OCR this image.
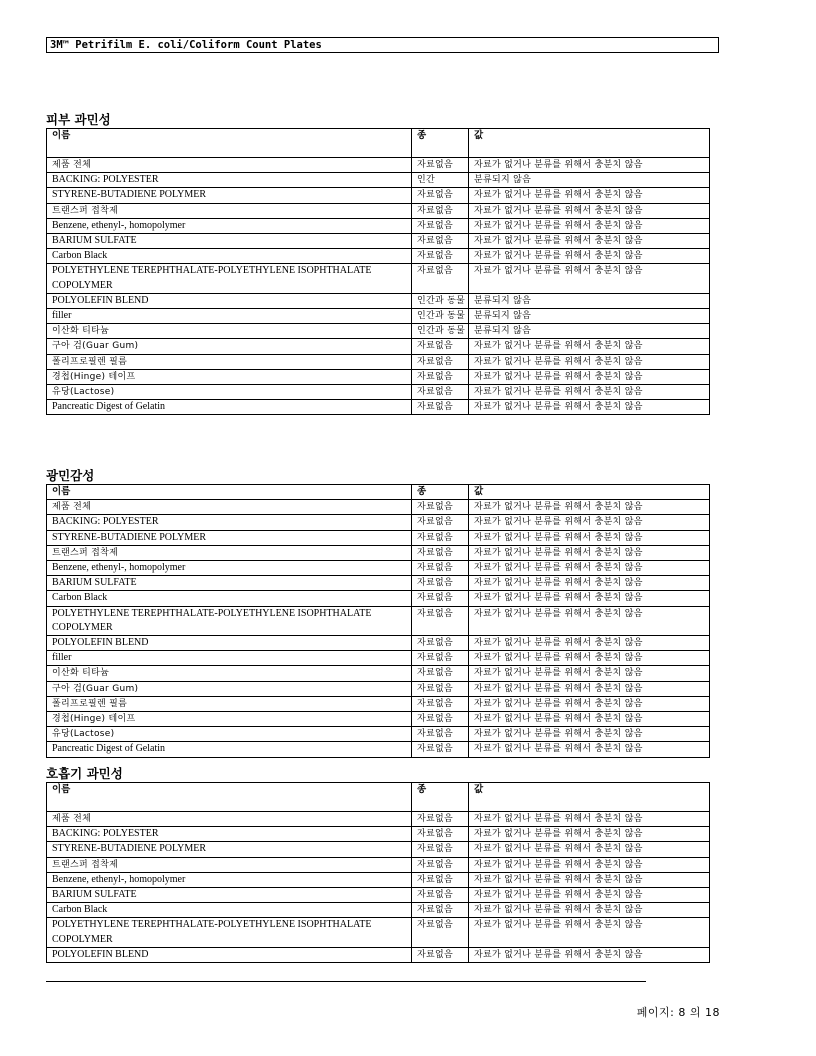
3M™ Petrifilm E. coli/Coliform Count Plates
피부 과민성
이름	종	값
제품 전체	자료없음	자료가 없거나 분류를 위해서 충분치 않음
BACKING: POLYESTER	인간	분류되지 않음
STYRENE-BUTADIENE POLYMER	자료없음	자료가 없거나 분류를 위해서 충분치 않음
트랜스퍼 접착제	자료없음	자료가 없거나 분류를 위해서 충분치 않음
Benzene, ethenyl-, homopolymer	자료없음	자료가 없거나 분류를 위해서 충분치 않음
BARIUM SULFATE	자료없음	자료가 없거나 분류를 위해서 충분치 않음
Carbon Black	자료없음	자료가 없거나 분류를 위해서 충분치 않음
POLYETHYLENE TEREPHTHALATE-POLYETHYLENE ISOPHTHALATE COPOLYMER	자료없음	자료가 없거나 분류를 위해서 충분치 않음
POLYOLEFIN BLEND	인간과 동물	분류되지 않음
filler	인간과 동물	분류되지 않음
이산화 티타늄	인간과 동물	분류되지 않음
구아 검(Guar Gum)	자료없음	자료가 없거나 분류를 위해서 충분치 않음
폴리프로필렌 필름	자료없음	자료가 없거나 분류를 위해서 충분치 않음
경첩(Hinge) 테이프	자료없음	자료가 없거나 분류를 위해서 충분치 않음
유당(Lactose)	자료없음	자료가 없거나 분류를 위해서 충분치 않음
Pancreatic Digest of Gelatin	자료없음	자료가 없거나 분류를 위해서 충분치 않음
광민감성
이름	종	값
제품 전체	자료없음	자료가 없거나 분류를 위해서 충분치 않음
BACKING: POLYESTER	자료없음	자료가 없거나 분류를 위해서 충분치 않음
STYRENE-BUTADIENE POLYMER	자료없음	자료가 없거나 분류를 위해서 충분치 않음
트랜스퍼 접착제	자료없음	자료가 없거나 분류를 위해서 충분치 않음
Benzene, ethenyl-, homopolymer	자료없음	자료가 없거나 분류를 위해서 충분치 않음
BARIUM SULFATE	자료없음	자료가 없거나 분류를 위해서 충분치 않음
Carbon Black	자료없음	자료가 없거나 분류를 위해서 충분치 않음
POLYETHYLENE TEREPHTHALATE-POLYETHYLENE ISOPHTHALATE COPOLYMER	자료없음	자료가 없거나 분류를 위해서 충분치 않음
POLYOLEFIN BLEND	자료없음	자료가 없거나 분류를 위해서 충분치 않음
filler	자료없음	자료가 없거나 분류를 위해서 충분치 않음
이산화 티타늄	자료없음	자료가 없거나 분류를 위해서 충분치 않음
구아 검(Guar Gum)	자료없음	자료가 없거나 분류를 위해서 충분치 않음
폴리프로필렌 필름	자료없음	자료가 없거나 분류를 위해서 충분치 않음
경첩(Hinge) 테이프	자료없음	자료가 없거나 분류를 위해서 충분치 않음
유당(Lactose)	자료없음	자료가 없거나 분류를 위해서 충분치 않음
Pancreatic Digest of Gelatin	자료없음	자료가 없거나 분류를 위해서 충분치 않음
호흡기 과민성
이름	종	값
제품 전체	자료없음	자료가 없거나 분류를 위해서 충분치 않음
BACKING: POLYESTER	자료없음	자료가 없거나 분류를 위해서 충분치 않음
STYRENE-BUTADIENE POLYMER	자료없음	자료가 없거나 분류를 위해서 충분치 않음
트랜스퍼 접착제	자료없음	자료가 없거나 분류를 위해서 충분치 않음
Benzene, ethenyl-, homopolymer	자료없음	자료가 없거나 분류를 위해서 충분치 않음
BARIUM SULFATE	자료없음	자료가 없거나 분류를 위해서 충분치 않음
Carbon Black	자료없음	자료가 없거나 분류를 위해서 충분치 않음
POLYETHYLENE TEREPHTHALATE-POLYETHYLENE ISOPHTHALATE COPOLYMER	자료없음	자료가 없거나 분류를 위해서 충분치 않음
POLYOLEFIN BLEND	자료없음	자료가 없거나 분류를 위해서 충분치 않음
페이지: 8 의 18
